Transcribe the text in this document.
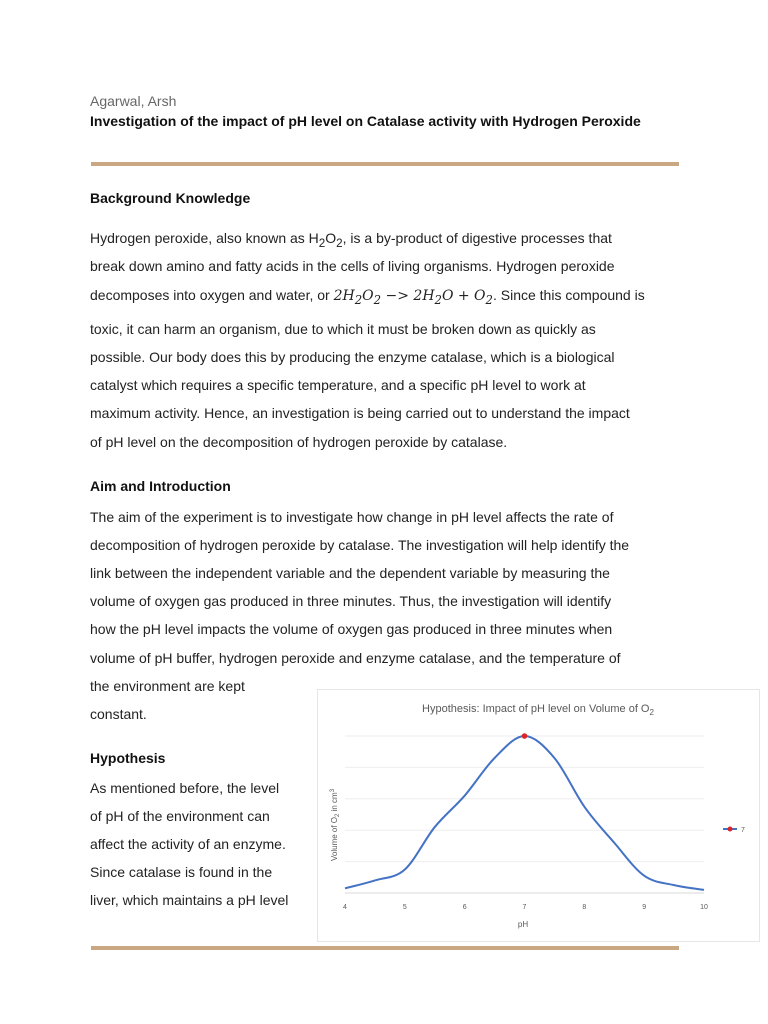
Agarwal, Arsh
Investigation of the impact of pH level on Catalase activity with Hydrogen Peroxide
Background Knowledge
Hydrogen peroxide, also known as $H_2O_2$, is a by-product of digestive processes that
break down amino and fatty acids in the cells of living organisms. Hydrogen peroxide
decomposes into oxygen and water, or $2H_2O_2 -> 2H_2O + O_2$. Since this compound is
toxic, it can harm an organism, due to which it must be broken down as quickly as
possible. Our body does this by producing the enzyme catalase, which is a biological
catalyst which requires a specific temperature, and a specific pH level to work at
maximum activity. Hence, an investigation is being carried out to understand the impact
of pH level on the decomposition of hydrogen peroxide by catalase.
Aim and Introduction
The aim of the experiment is to investigate how change in pH level affects the rate of
decomposition of hydrogen peroxide by catalase. The investigation will help identify the
link between the independent variable and the dependent variable by measuring the
volume of oxygen gas produced in three minutes. Thus, the investigation will identify
how the pH level impacts the volume of oxygen gas produced in three minutes when
volume of pH buffer, hydrogen peroxide and enzyme catalase, and the temperature of
the environment are kept
constant.
Hypothesis
As mentioned before, the level
of pH of the environment can
affect the activity of an enzyme.
Since catalase is found in the
liver, which maintains a pH level
Hypothesis: Impact of pH level on Volume of $O_2$
4	5	6	7	8	9	10
pH
Volume of $O_2$ in $cm^3$
7
